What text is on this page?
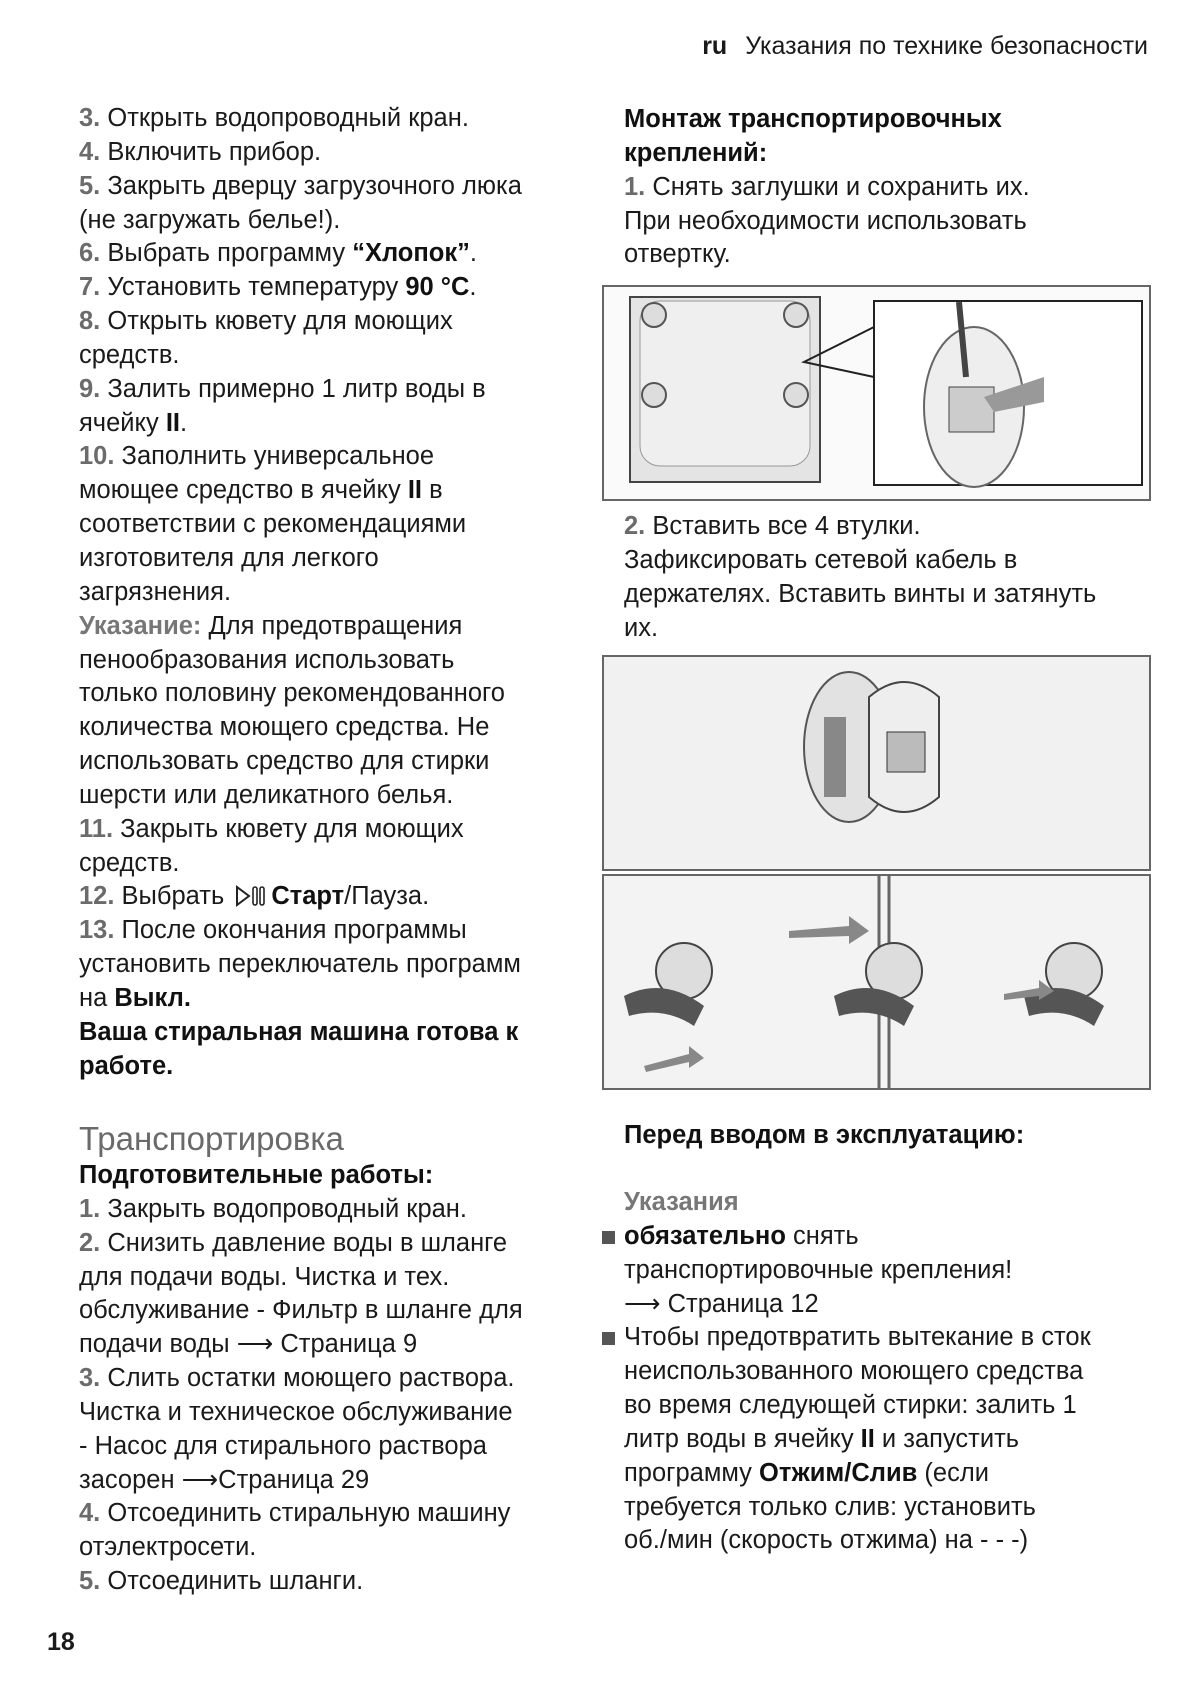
ru Указания по технике безопасности
3. Открыть водопроводный кран.
4. Включить прибор.
5. Закрыть дверцу загрузочного люка
(не загружать белье!).
6. Выбрать программу “Хлопок”.
7. Установить температуру 90 °C.
8. Открыть кювету для моющих
средств.
9. Залить примерно 1 литр воды в
ячейку II.
10. Заполнить универсальное
моющее средство в ячейку II в
соответствии с рекомендациями
изготовителя для легкого
загрязнения.
Указание: Для предотвращения
пенообразования использовать
только половину рекомендованного
количества моющего средства. Не
использовать средство для стирки
шерсти или деликатного белья.
11. Закрыть кювету для моющих
средств.
12. Выбрать Старт/Пауза.
13. После окончания программы
установить переключатель программ
на Выкл.
Ваша стиральная машина готова к
работе.
Транспортировка
Подготовительные работы:
1. Закрыть водопроводный кран.
2. Снизить давление воды в шланге
для подачи воды. Чистка и тех.
обслуживание - Фильтр в шланге для
подачи воды ⟶ Страница 9
3. Слить остатки моющего раствора.
Чистка и техническое обслуживание
- Насос для стирального раствора
засорен ⟶Страница 29
4. Отсоединить стиральную машину
отэлектросети.
5. Отсоединить шланги.
Монтаж транспортировочных
креплений:
1. Снять заглушки и сохранить их.
При необходимости использовать
отвертку.
2. Вставить все 4 втулки.
Зафиксировать сетевой кабель в
держателях. Вставить винты и затянуть
их.
Перед вводом в эксплуатацию:
Указания
обязательно снять
транспортировочные крепления!
⟶ Страница 12
Чтобы предотвратить вытекание в сток
неиспользованного моющего средства
во время следующей стирки: залить 1
литр воды в ячейку II и запустить
программу Отжим/Слив (если
требуется только слив: установить
об./мин (скорость отжима) на - - -)
18
